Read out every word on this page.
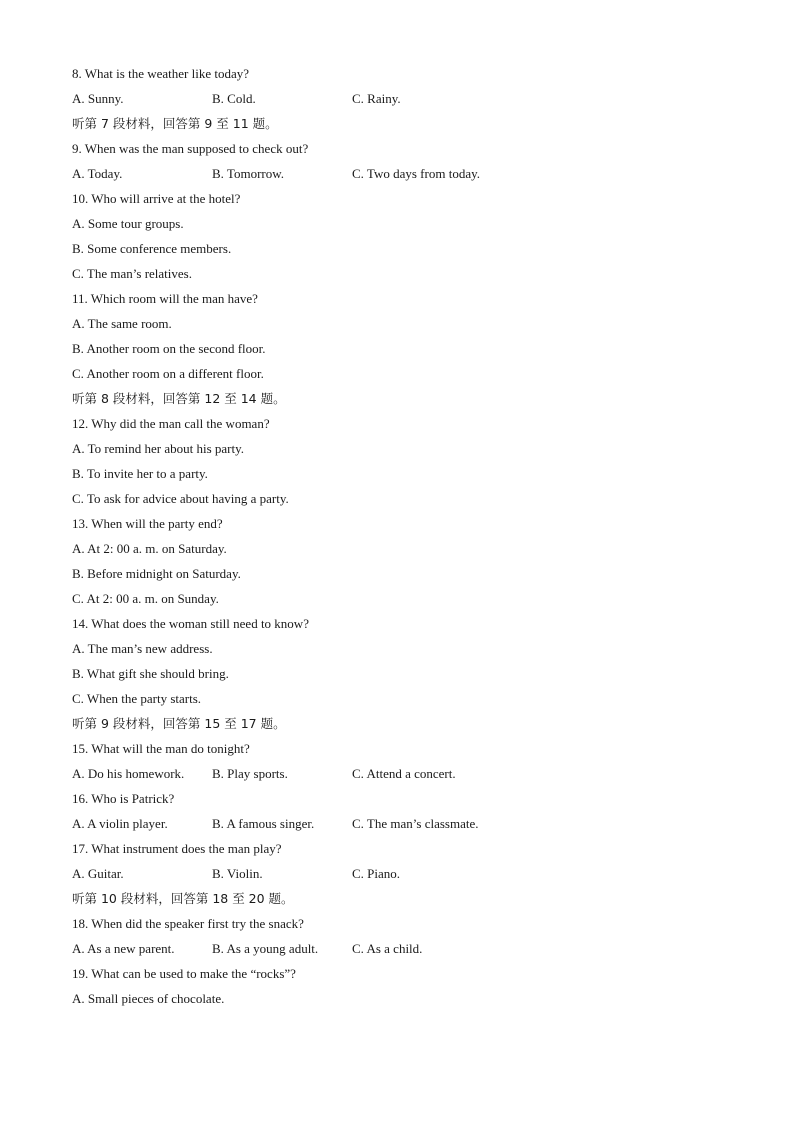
8. What is the weather like today?
A. Sunny.	B. Cold.	C. Rainy.
听第 7 段材料，回答第 9 至 11 题。
9. When was the man supposed to check out?
A. Today.	B. Tomorrow.	C. Two days from today.
10. Who will arrive at the hotel?
A. Some tour groups.
B. Some conference members.
C. The man’s relatives.
11. Which room will the man have?
A. The same room.
B. Another room on the second floor.
C. Another room on a different floor.
听第 8 段材料，回答第 12 至 14 题。
12. Why did the man call the woman?
A. To remind her about his party.
B. To invite her to a party.
C. To ask for advice about having a party.
13. When will the party end?
A. At 2: 00 a. m. on Saturday.
B. Before midnight on Saturday.
C. At 2: 00 a. m. on Sunday.
14. What does the woman still need to know?
A. The man’s new address.
B. What gift she should bring.
C. When the party starts.
听第 9 段材料，回答第 15 至 17 题。
15. What will the man do tonight?
A. Do his homework. B. Play sports.	C. Attend a concert.
16. Who is Patrick?
A. A violin player.	B. A famous singer.	C. The man’s classmate.
17. What instrument does the man play?
A. Guitar.	B. Violin.	C. Piano.
听第 10 段材料，回答第 18 至 20 题。
18. When did the speaker first try the snack?
A. As a new parent.	B. As a young adult.	C. As a child.
19. What can be used to make the “rocks”?
A. Small pieces of chocolate.
